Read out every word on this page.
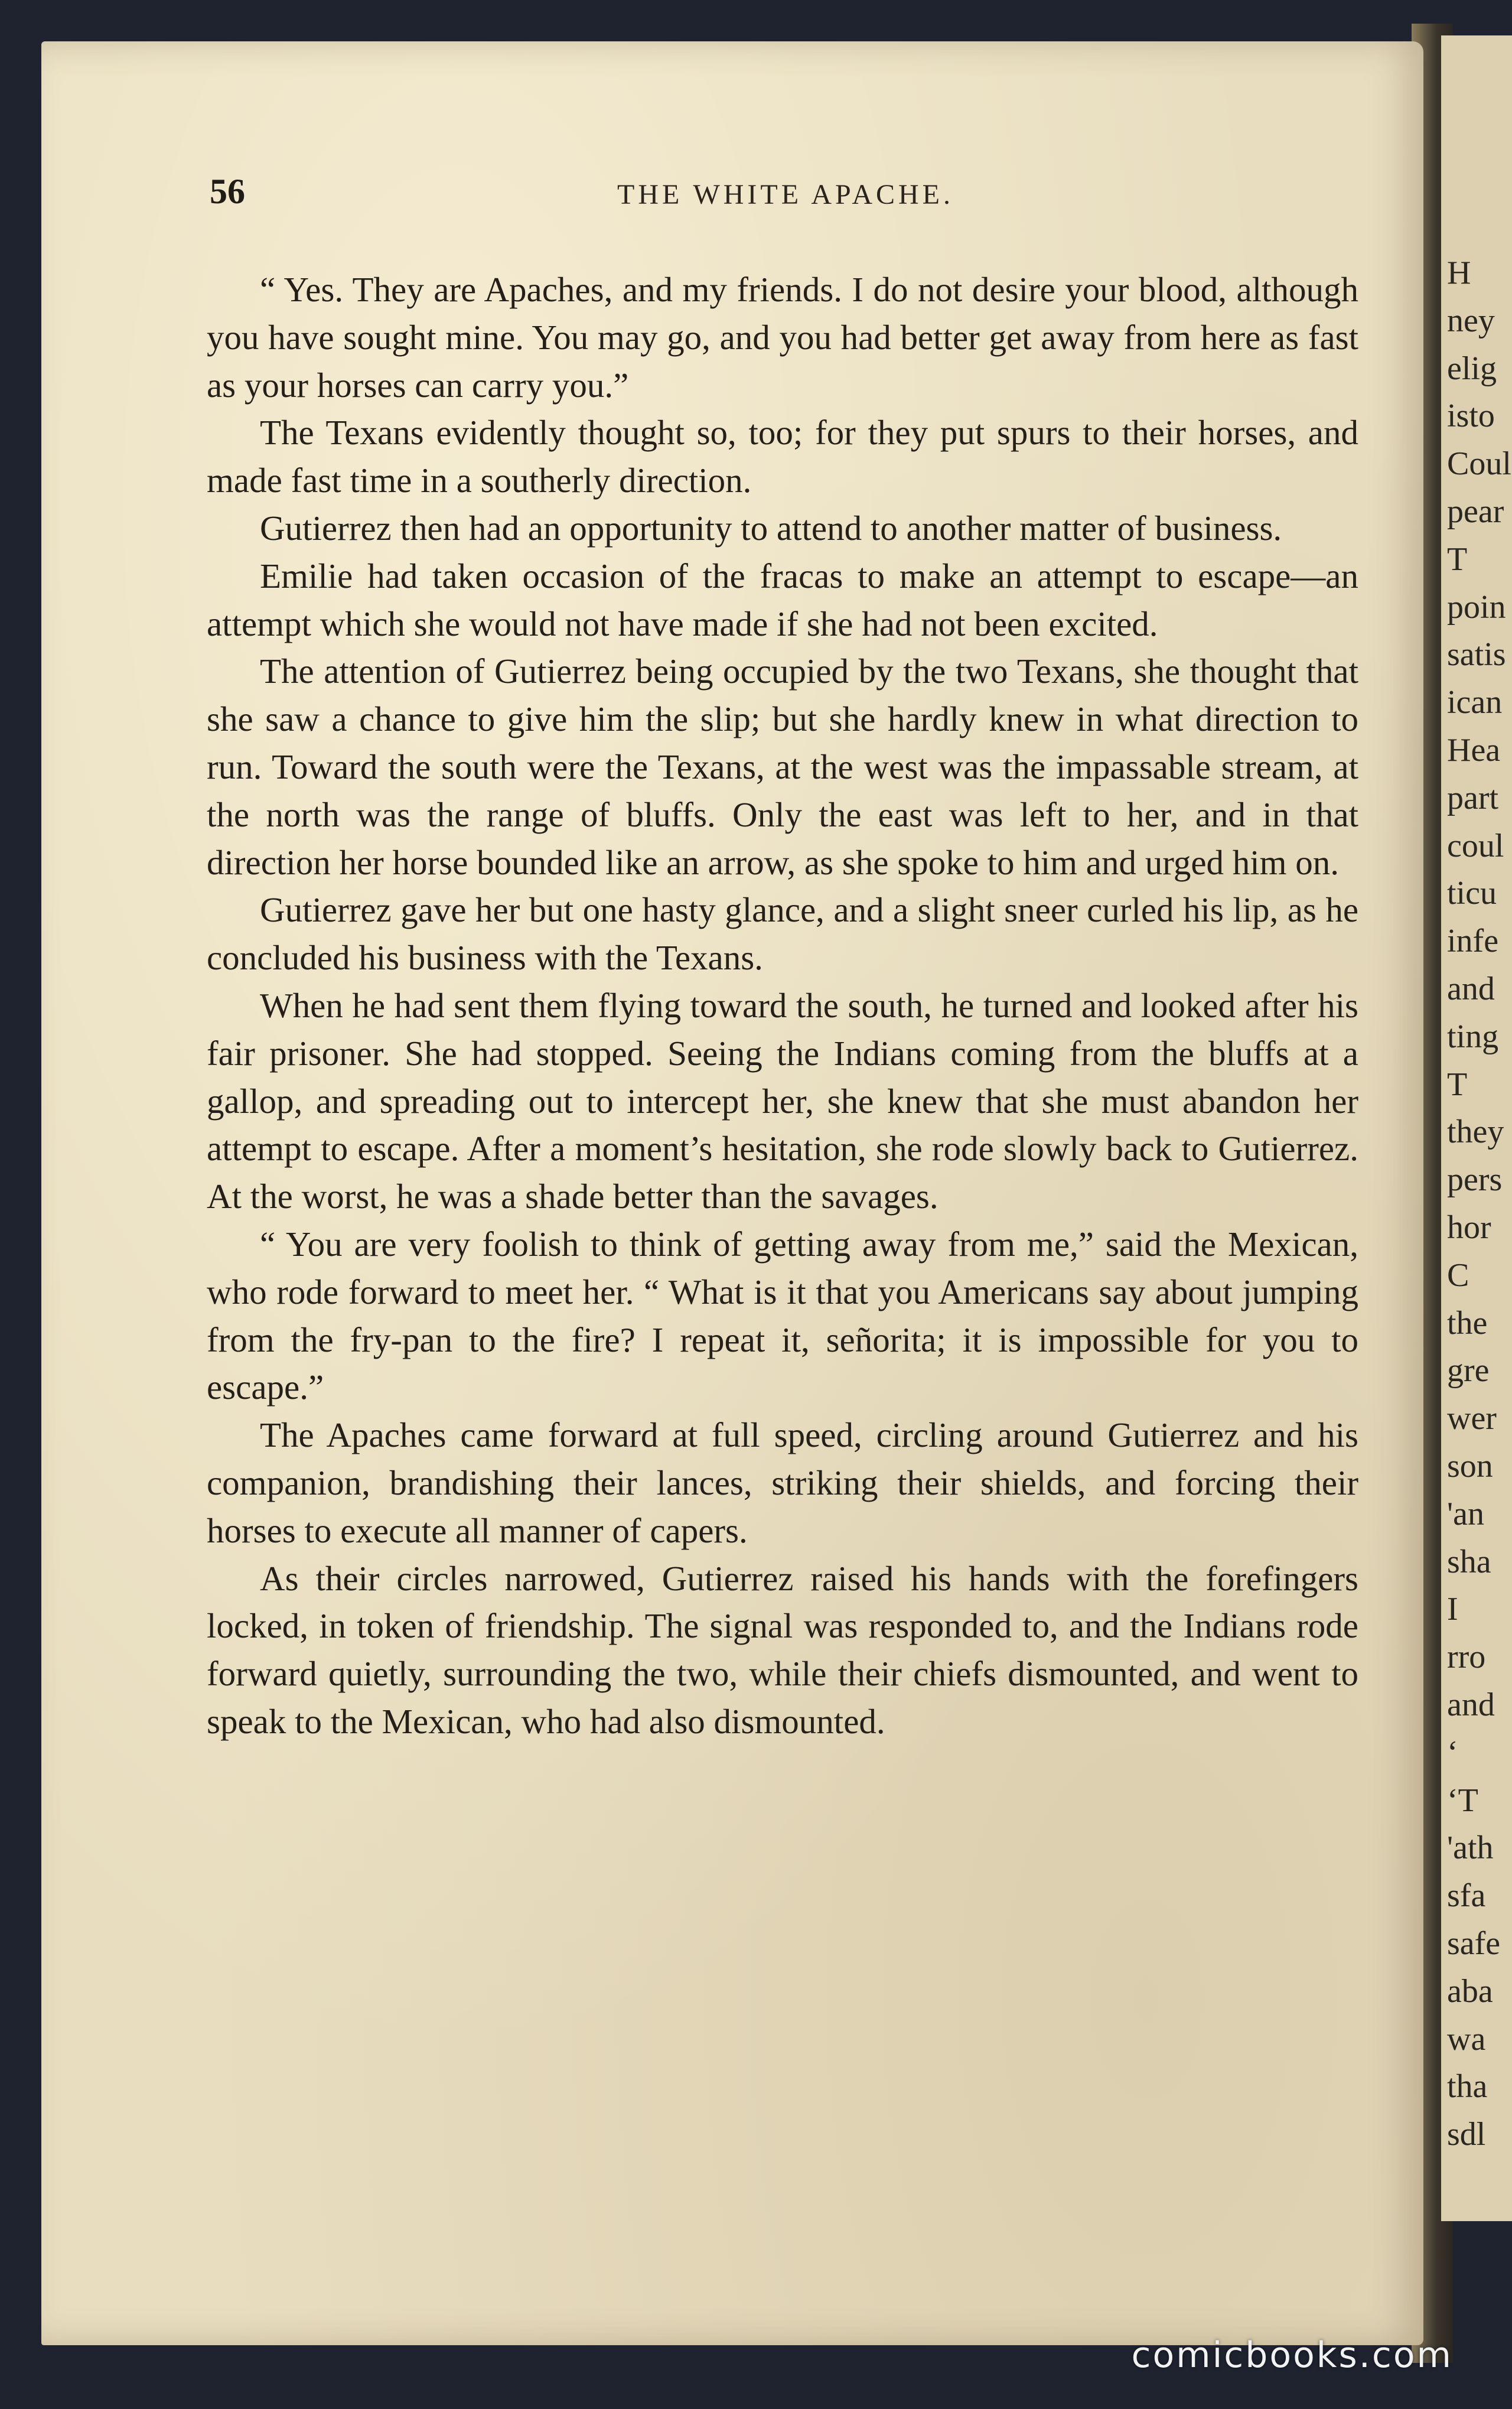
H
ney
elig
isto
Coul
pear
T
poin
satis
ican
Hea
part
coul
ticu
infe
and
ting
T
they
pers
hor
C
the
gre
wer
son
'an
sha
I
rro
and
‘
‘T
'ath
sfa
safe
aba
wa
tha
sdl
56	THE WHITE APACHE.

“ Yes. They are Apaches, and my friends. I do not desire your blood, although you have sought mine. You may go, and you had better get away from here as fast as your horses can carry you.”

The Texans evidently thought so, too; for they put spurs to their horses, and made fast time in a southerly direction.

Gutierrez then had an opportunity to attend to another matter of business.

Emilie had taken occasion of the fracas to make an attempt to escape—an attempt which she would not have made if she had not been excited.

The attention of Gutierrez being occupied by the two Texans, she thought that she saw a chance to give him the slip; but she hardly knew in what direction to run. Toward the south were the Texans, at the west was the impassable stream, at the north was the range of bluffs. Only the east was left to her, and in that direction her horse bounded like an arrow, as she spoke to him and urged him on.

Gutierrez gave her but one hasty glance, and a slight sneer curled his lip, as he concluded his business with the Texans.

When he had sent them flying toward the south, he turned and looked after his fair prisoner. She had stopped. Seeing the Indians coming from the bluffs at a gallop, and spreading out to intercept her, she knew that she must abandon her attempt to escape. After a moment’s hesitation, she rode slowly back to Gutierrez. At the worst, he was a shade better than the savages.

“ You are very foolish to think of getting away from me,” said the Mexican, who rode forward to meet her. “ What is it that you Americans say about jumping from the fry-pan to the fire? I repeat it, señorita; it is impossible for you to escape.”

The Apaches came forward at full speed, circling around Gutierrez and his companion, brandishing their lances, striking their shields, and forcing their horses to execute all manner of capers.

As their circles narrowed, Gutierrez raised his hands with the forefingers locked, in token of friendship. The signal was responded to, and the Indians rode forward quietly, surrounding the two, while their chiefs dismounted, and went to speak to the Mexican, who had also dismounted.

comicbooks.com
